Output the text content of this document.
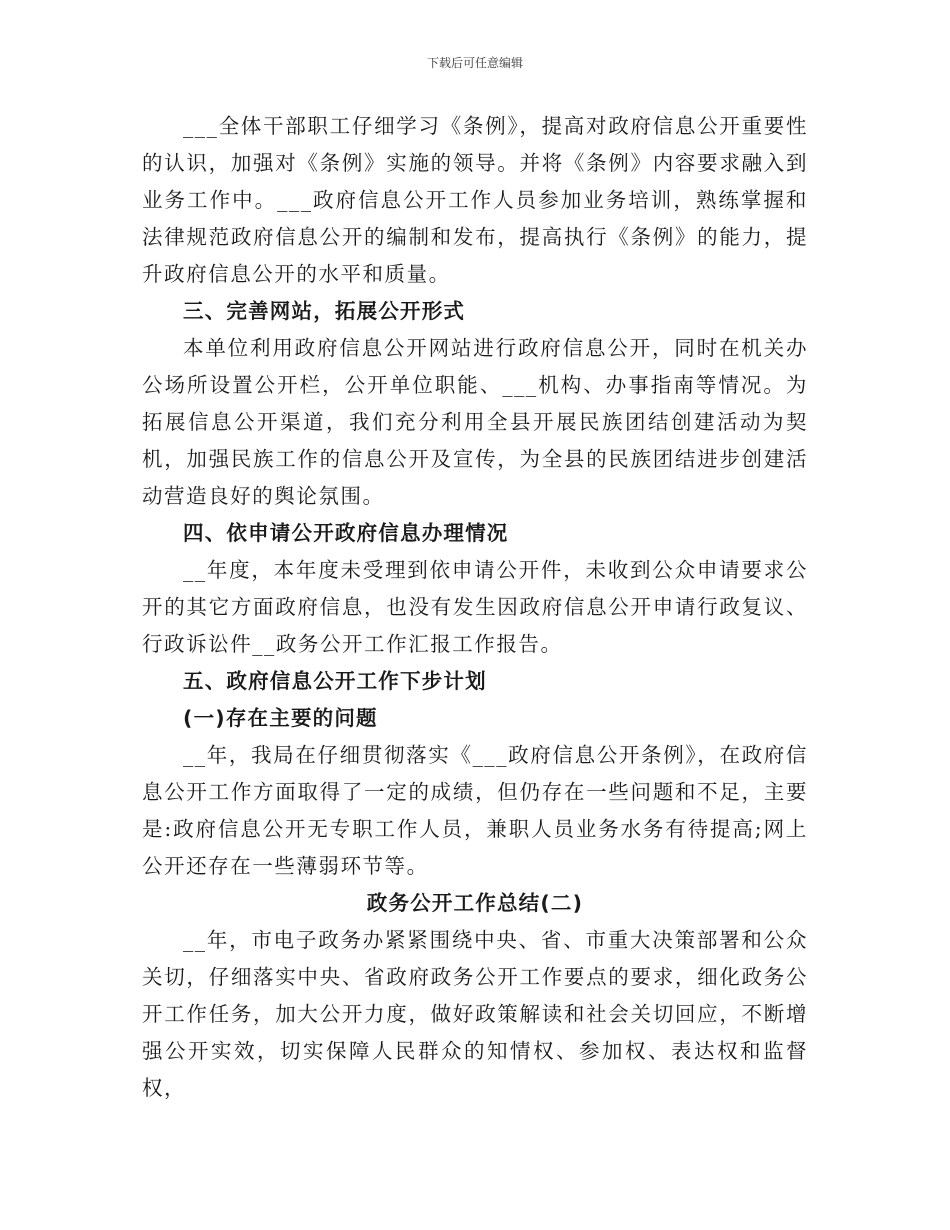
下载后可任意编辑

___全体干部职工仔细学习《条例》，提高对政府信息公开重要性的认识，加强对《条例》实施的领导。并将《条例》内容要求融入到业务工作中。___政府信息公开工作人员参加业务培训，熟练掌握和法律规范政府信息公开的编制和发布，提高执行《条例》的能力，提升政府信息公开的水平和质量。

三、完善网站，拓展公开形式

本单位利用政府信息公开网站进行政府信息公开，同时在机关办公场所设置公开栏，公开单位职能、___机构、办事指南等情况。为拓展信息公开渠道，我们充分利用全县开展民族团结创建活动为契机，加强民族工作的信息公开及宣传，为全县的民族团结进步创建活动营造良好的舆论氛围。

四、依申请公开政府信息办理情况

__年度，本年度未受理到依申请公开件，未收到公众申请要求公开的其它方面政府信息，也没有发生因政府信息公开申请行政复议、行政诉讼件__政务公开工作汇报工作报告。

五、政府信息公开工作下步计划

(一)存在主要的问题

__年，我局在仔细贯彻落实《___政府信息公开条例》，在政府信息公开工作方面取得了一定的成绩，但仍存在一些问题和不足，主要是:政府信息公开无专职工作人员，兼职人员业务水务有待提高;网上公开还存在一些薄弱环节等。

政务公开工作总结(二)

__年，市电子政务办紧紧围绕中央、省、市重大决策部署和公众关切，仔细落实中央、省政府政务公开工作要点的要求，细化政务公开工作任务，加大公开力度，做好政策解读和社会关切回应，不断增强公开实效，切实保障人民群众的知情权、参加权、表达权和监督权，
